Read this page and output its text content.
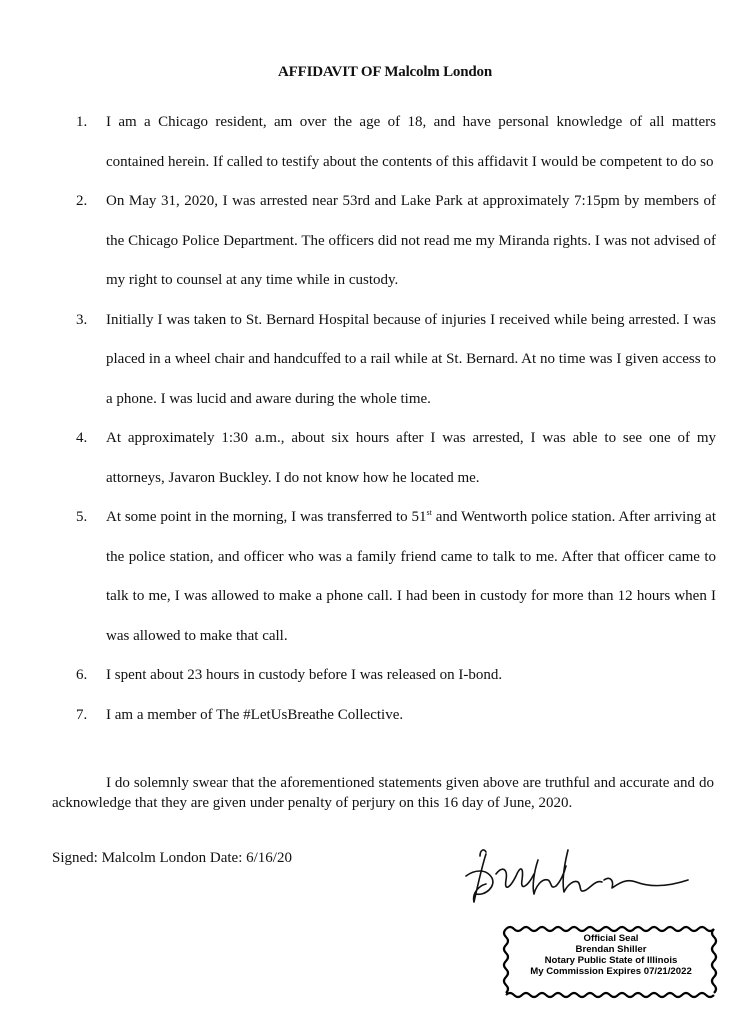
AFFIDAVIT OF Malcolm London
1.	I am a Chicago resident, am over the age of 18, and have personal knowledge of all matters contained herein. If called to testify about the contents of this affidavit I would be competent to do so
2.	On May 31, 2020, I was arrested near 53rd and Lake Park at approximately 7:15pm by members of the Chicago Police Department. The officers did not read me my Miranda rights. I was not advised of my right to counsel at any time while in custody.
3.	Initially I was taken to St. Bernard Hospital because of injuries I received while being arrested. I was placed in a wheel chair and handcuffed to a rail while at St. Bernard. At no time was I given access to a phone. I was lucid and aware during the whole time.
4.	At approximately 1:30 a.m., about six hours after I was arrested, I was able to see one of my attorneys, Javaron Buckley. I do not know how he located me.
5.	At some point in the morning, I was transferred to 51st and Wentworth police station. After arriving at the police station, and officer who was a family friend came to talk to me. After that officer came to talk to me, I was allowed to make a phone call. I had been in custody for more than 12 hours when I was allowed to make that call.
6.	I spent about 23 hours in custody before I was released on I-bond.
7.	I am a member of The #LetUsBreathe Collective.
I do solemnly swear that the aforementioned statements given above are truthful and accurate and do acknowledge that they are given under penalty of perjury on this 16 day of June, 2020.
Signed: Malcolm London Date: 6/16/20
Official Seal
Brendan Shiller
Notary Public State of Illinois
My Commission Expires 07/21/2022
